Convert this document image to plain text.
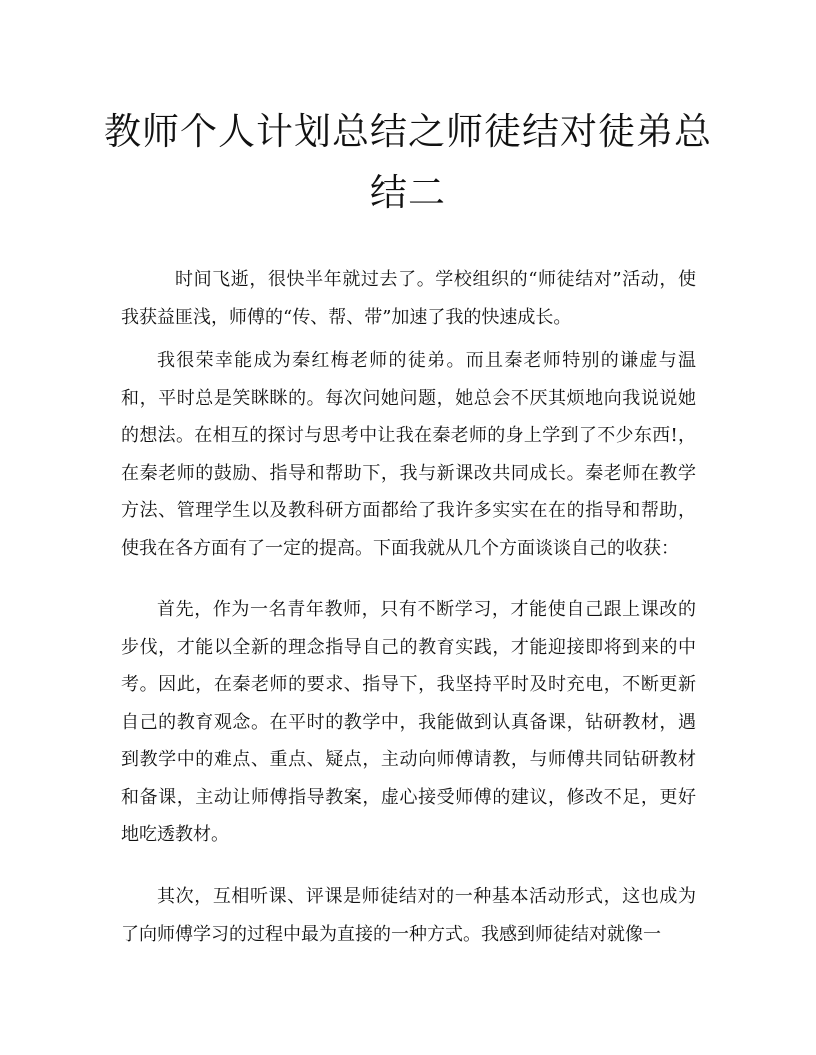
教师个人计划总结之师徒结对徒弟总
结二

时间飞逝，很快半年就过去了。学校组织的“师徒结对”活动，使我获益匪浅，师傅的“传、帮、带”加速了我的快速成长。

我很荣幸能成为秦红梅老师的徒弟。而且秦老师特别的谦虚与温和，平时总是笑眯眯的。每次问她问题，她总会不厌其烦地向我说说她的想法。在相互的探讨与思考中让我在秦老师的身上学到了不少东西!，在秦老师的鼓励、指导和帮助下，我与新课改共同成长。秦老师在教学方法、管理学生以及教科研方面都给了我许多实实在在的指导和帮助，使我在各方面有了一定的提高。下面我就从几个方面谈谈自己的收获：

首先，作为一名青年教师，只有不断学习，才能使自己跟上课改的步伐，才能以全新的理念指导自己的教育实践，才能迎接即将到来的中考。因此，在秦老师的要求、指导下，我坚持平时及时充电，不断更新自己的教育观念。在平时的教学中，我能做到认真备课，钻研教材，遇到教学中的难点、重点、疑点，主动向师傅请教，与师傅共同钻研教材和备课，主动让师傅指导教案，虚心接受师傅的建议，修改不足，更好地吃透教材。

其次，互相听课、评课是师徒结对的一种基本活动形式，这也成为了向师傅学习的过程中最为直接的一种方式。我感到师徒结对就像一
